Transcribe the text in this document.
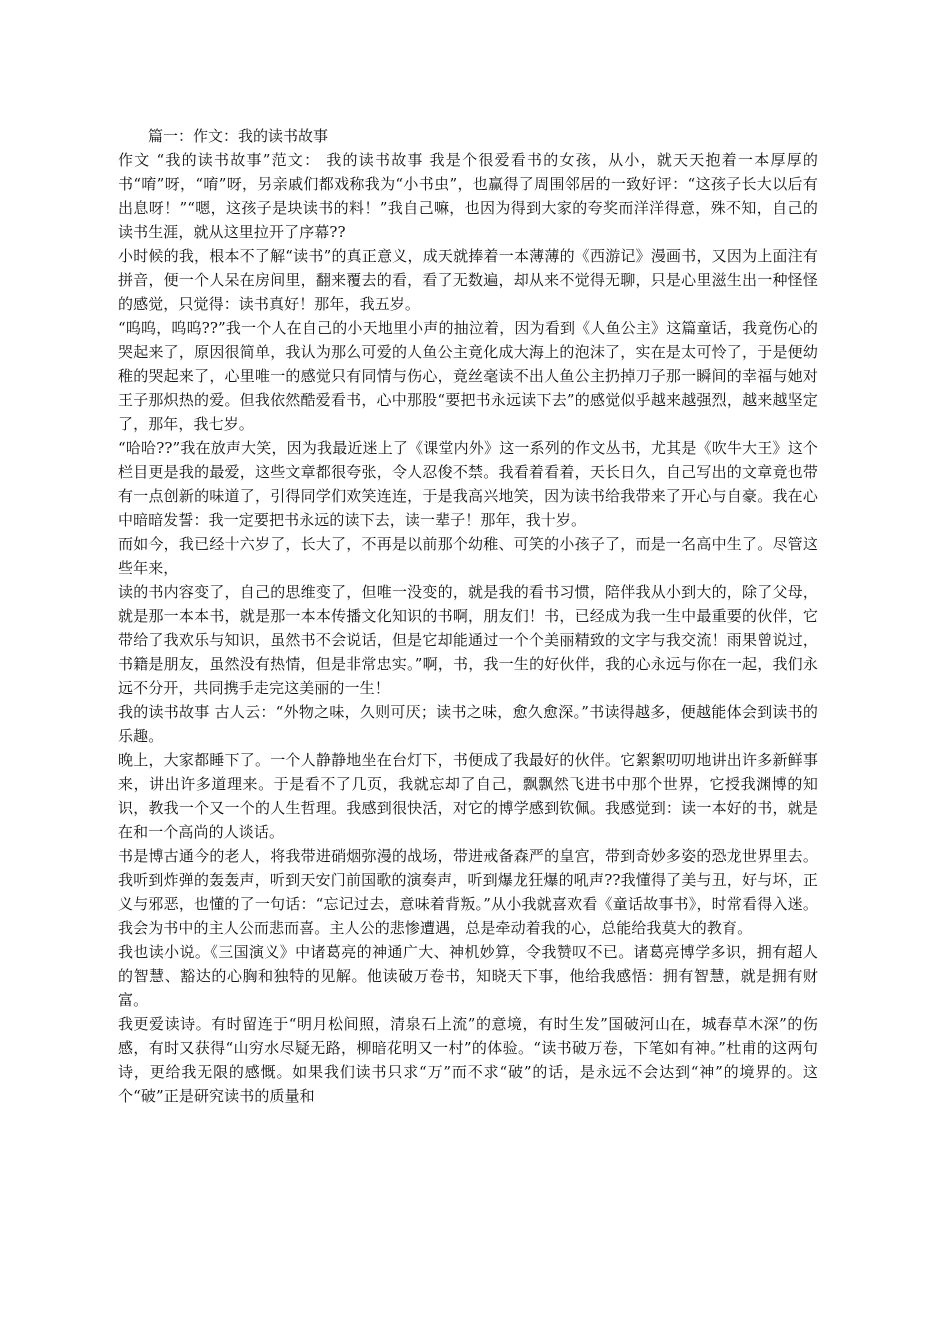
篇一：作文：我的读书故事

作文 “我的读书故事”范文： 我的读书故事 我是个很爱看书的女孩，从小，就天天抱着一本厚厚的书“唷”呀，“唷”呀，另亲戚们都戏称我为“小书虫”，也赢得了周围邻居的一致好评：“这孩子长大以后有出息呀！”“嗯，这孩子是块读书的料！”我自己嘛，也因为得到大家的夸奖而洋洋得意，殊不知，自己的读书生涯，就从这里拉开了序幕??

小时候的我，根本不了解“读书”的真正意义，成天就捧着一本薄薄的《西游记》漫画书，又因为上面注有拼音，便一个人呆在房间里，翻来覆去的看，看了无数遍，却从来不觉得无聊，只是心里滋生出一种怪怪的感觉，只觉得：读书真好！那年，我五岁。

“呜呜，呜呜??”我一个人在自己的小天地里小声的抽泣着，因为看到《人鱼公主》这篇童话，我竟伤心的哭起来了，原因很简单，我认为那么可爱的人鱼公主竟化成大海上的泡沫了，实在是太可怜了，于是便幼稚的哭起来了，心里唯一的感觉只有同情与伤心，竟丝毫读不出人鱼公主扔掉刀子那一瞬间的幸福与她对王子那炽热的爱。但我依然酷爱看书，心中那股“要把书永远读下去”的感觉似乎越来越强烈，越来越坚定了，那年，我七岁。

“哈哈??”我在放声大笑，因为我最近迷上了《课堂内外》这一系列的作文丛书，尤其是《吹牛大王》这个栏目更是我的最爱，这些文章都很夸张，令人忍俊不禁。我看着看着，天长日久，自己写出的文章竟也带有一点创新的味道了，引得同学们欢笑连连，于是我高兴地笑，因为读书给我带来了开心与自豪。我在心中暗暗发誓：我一定要把书永远的读下去，读一辈子！那年，我十岁。

而如今，我已经十六岁了，长大了，不再是以前那个幼稚、可笑的小孩子了，而是一名高中生了。尽管这些年来，

读的书内容变了，自己的思维变了，但唯一没变的，就是我的看书习惯，陪伴我从小到大的，除了父母，就是那一本本书，就是那一本本传播文化知识的书啊，朋友们！书，已经成为我一生中最重要的伙伴，它带给了我欢乐与知识，虽然书不会说话，但是它却能通过一个个美丽精致的文字与我交流！雨果曾说过，书籍是朋友，虽然没有热情，但是非常忠实。”啊，书，我一生的好伙伴，我的心永远与你在一起，我们永远不分开，共同携手走完这美丽的一生！

我的读书故事 古人云：“外物之味，久则可厌；读书之味，愈久愈深。”书读得越多，便越能体会到读书的乐趣。

晚上，大家都睡下了。一个人静静地坐在台灯下，书便成了我最好的伙伴。它絮絮叨叨地讲出许多新鲜事来，讲出许多道理来。于是看不了几页，我就忘却了自己，飘飘然飞进书中那个世界，它授我渊博的知识，教我一个又一个的人生哲理。我感到很快活，对它的博学感到钦佩。我感觉到：读一本好的书，就是在和一个高尚的人谈话。

书是博古通今的老人，将我带进硝烟弥漫的战场，带进戒备森严的皇宫，带到奇妙多姿的恐龙世界里去。我听到炸弹的轰轰声，听到天安门前国歌的演奏声，听到爆龙狂爆的吼声??我懂得了美与丑，好与坏，正义与邪恶，也懂的了一句话：“忘记过去，意味着背叛。”从小我就喜欢看《童话故事书》，时常看得入迷。我会为书中的主人公而悲而喜。主人公的悲惨遭遇，总是牵动着我的心，总能给我莫大的教育。

我也读小说。《三国演义》中诸葛亮的神通广大、神机妙算，令我赞叹不已。诸葛亮博学多识，拥有超人的智慧、豁达的心胸和独特的见解。他读破万卷书，知晓天下事，他给我感悟：拥有智慧，就是拥有财富。

我更爱读诗。有时留连于“明月松间照，清泉石上流”的意境，有时生发”国破河山在，城春草木深”的伤感，有时又获得“山穷水尽疑无路，柳暗花明又一村”的体验。“读书破万卷，下笔如有神。”杜甫的这两句诗，更给我无限的感慨。如果我们读书只求“万”而不求“破”的话，是永远不会达到“神”的境界的。这个“破”正是研究读书的质量和
